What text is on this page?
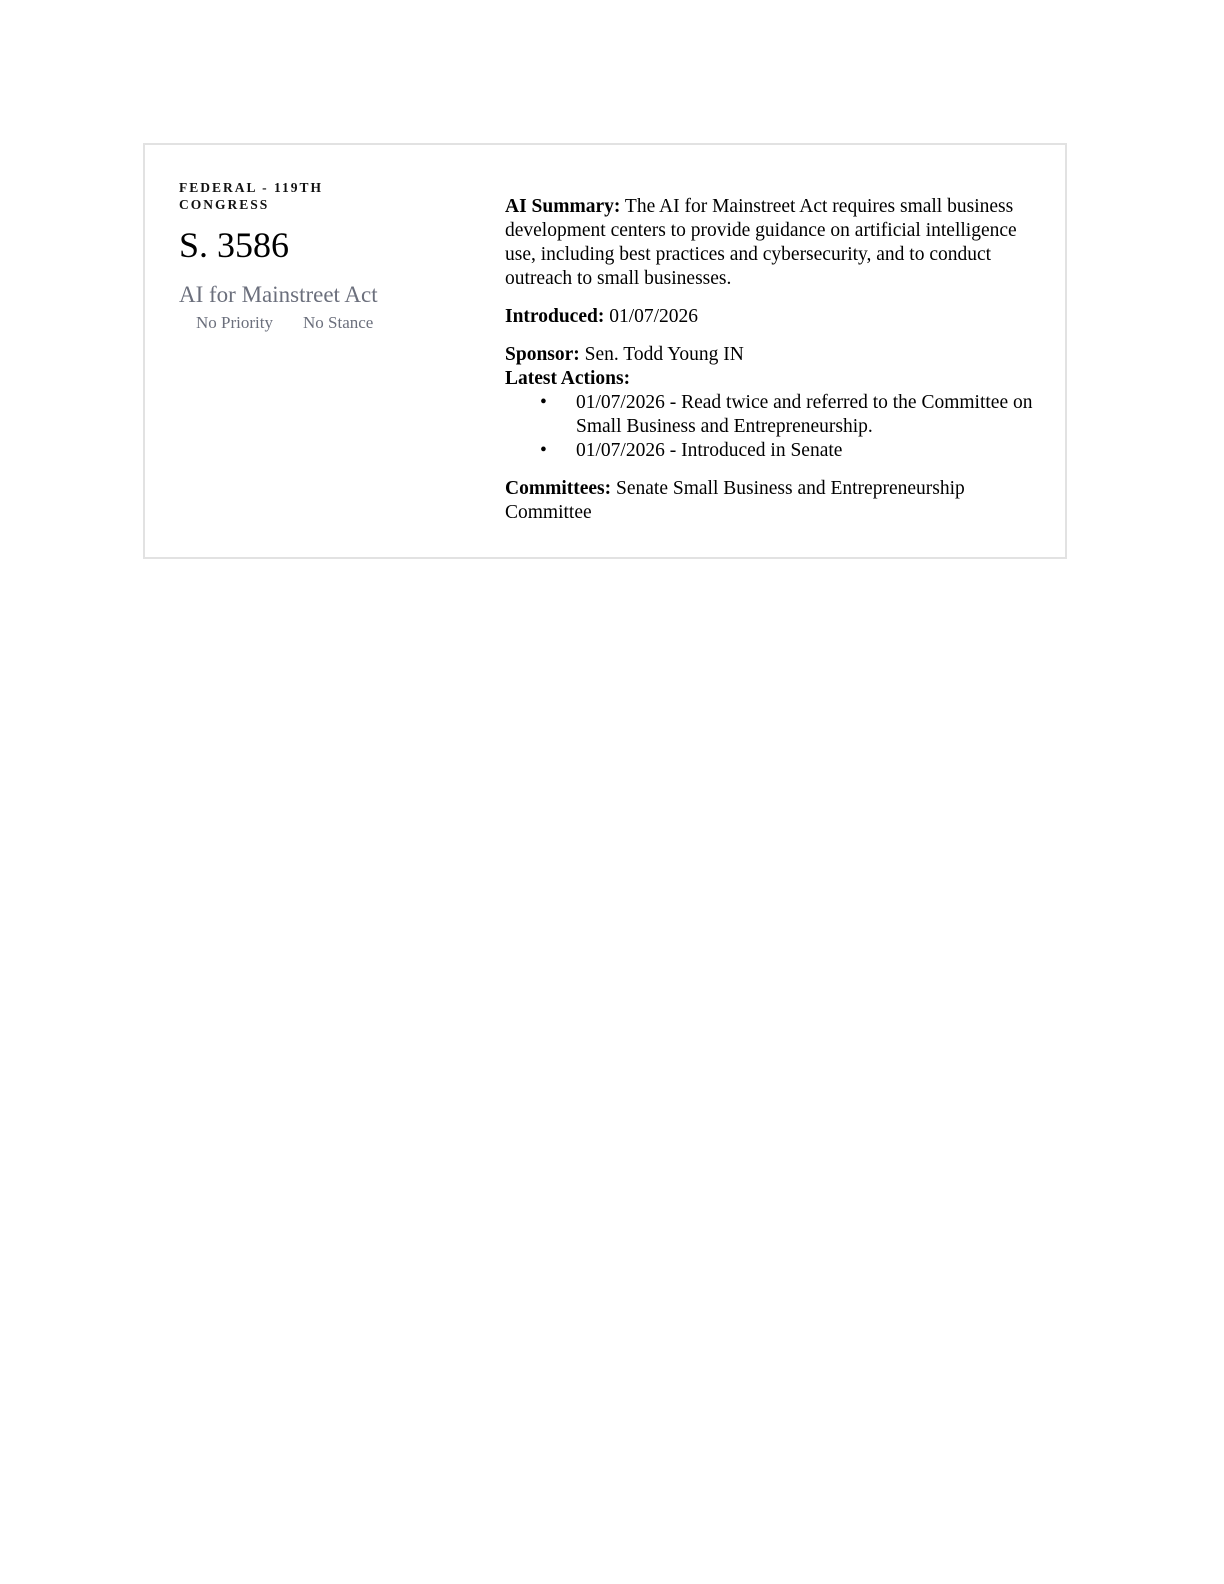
FEDERAL - 119TH CONGRESS
S. 3586
AI for Mainstreet Act
No Priority No Stance

AI Summary: The AI for Mainstreet Act requires small business development centers to provide guidance on artificial intelligence use, including best practices and cybersecurity, and to conduct outreach to small businesses.

Introduced: 01/07/2026

Sponsor: Sen. Todd Young IN

Latest Actions:

• 01/07/2026 - Read twice and referred to the Committee on Small Business and Entrepreneurship.
• 01/07/2026 - Introduced in Senate

Committees: Senate Small Business and Entrepreneurship Committee
